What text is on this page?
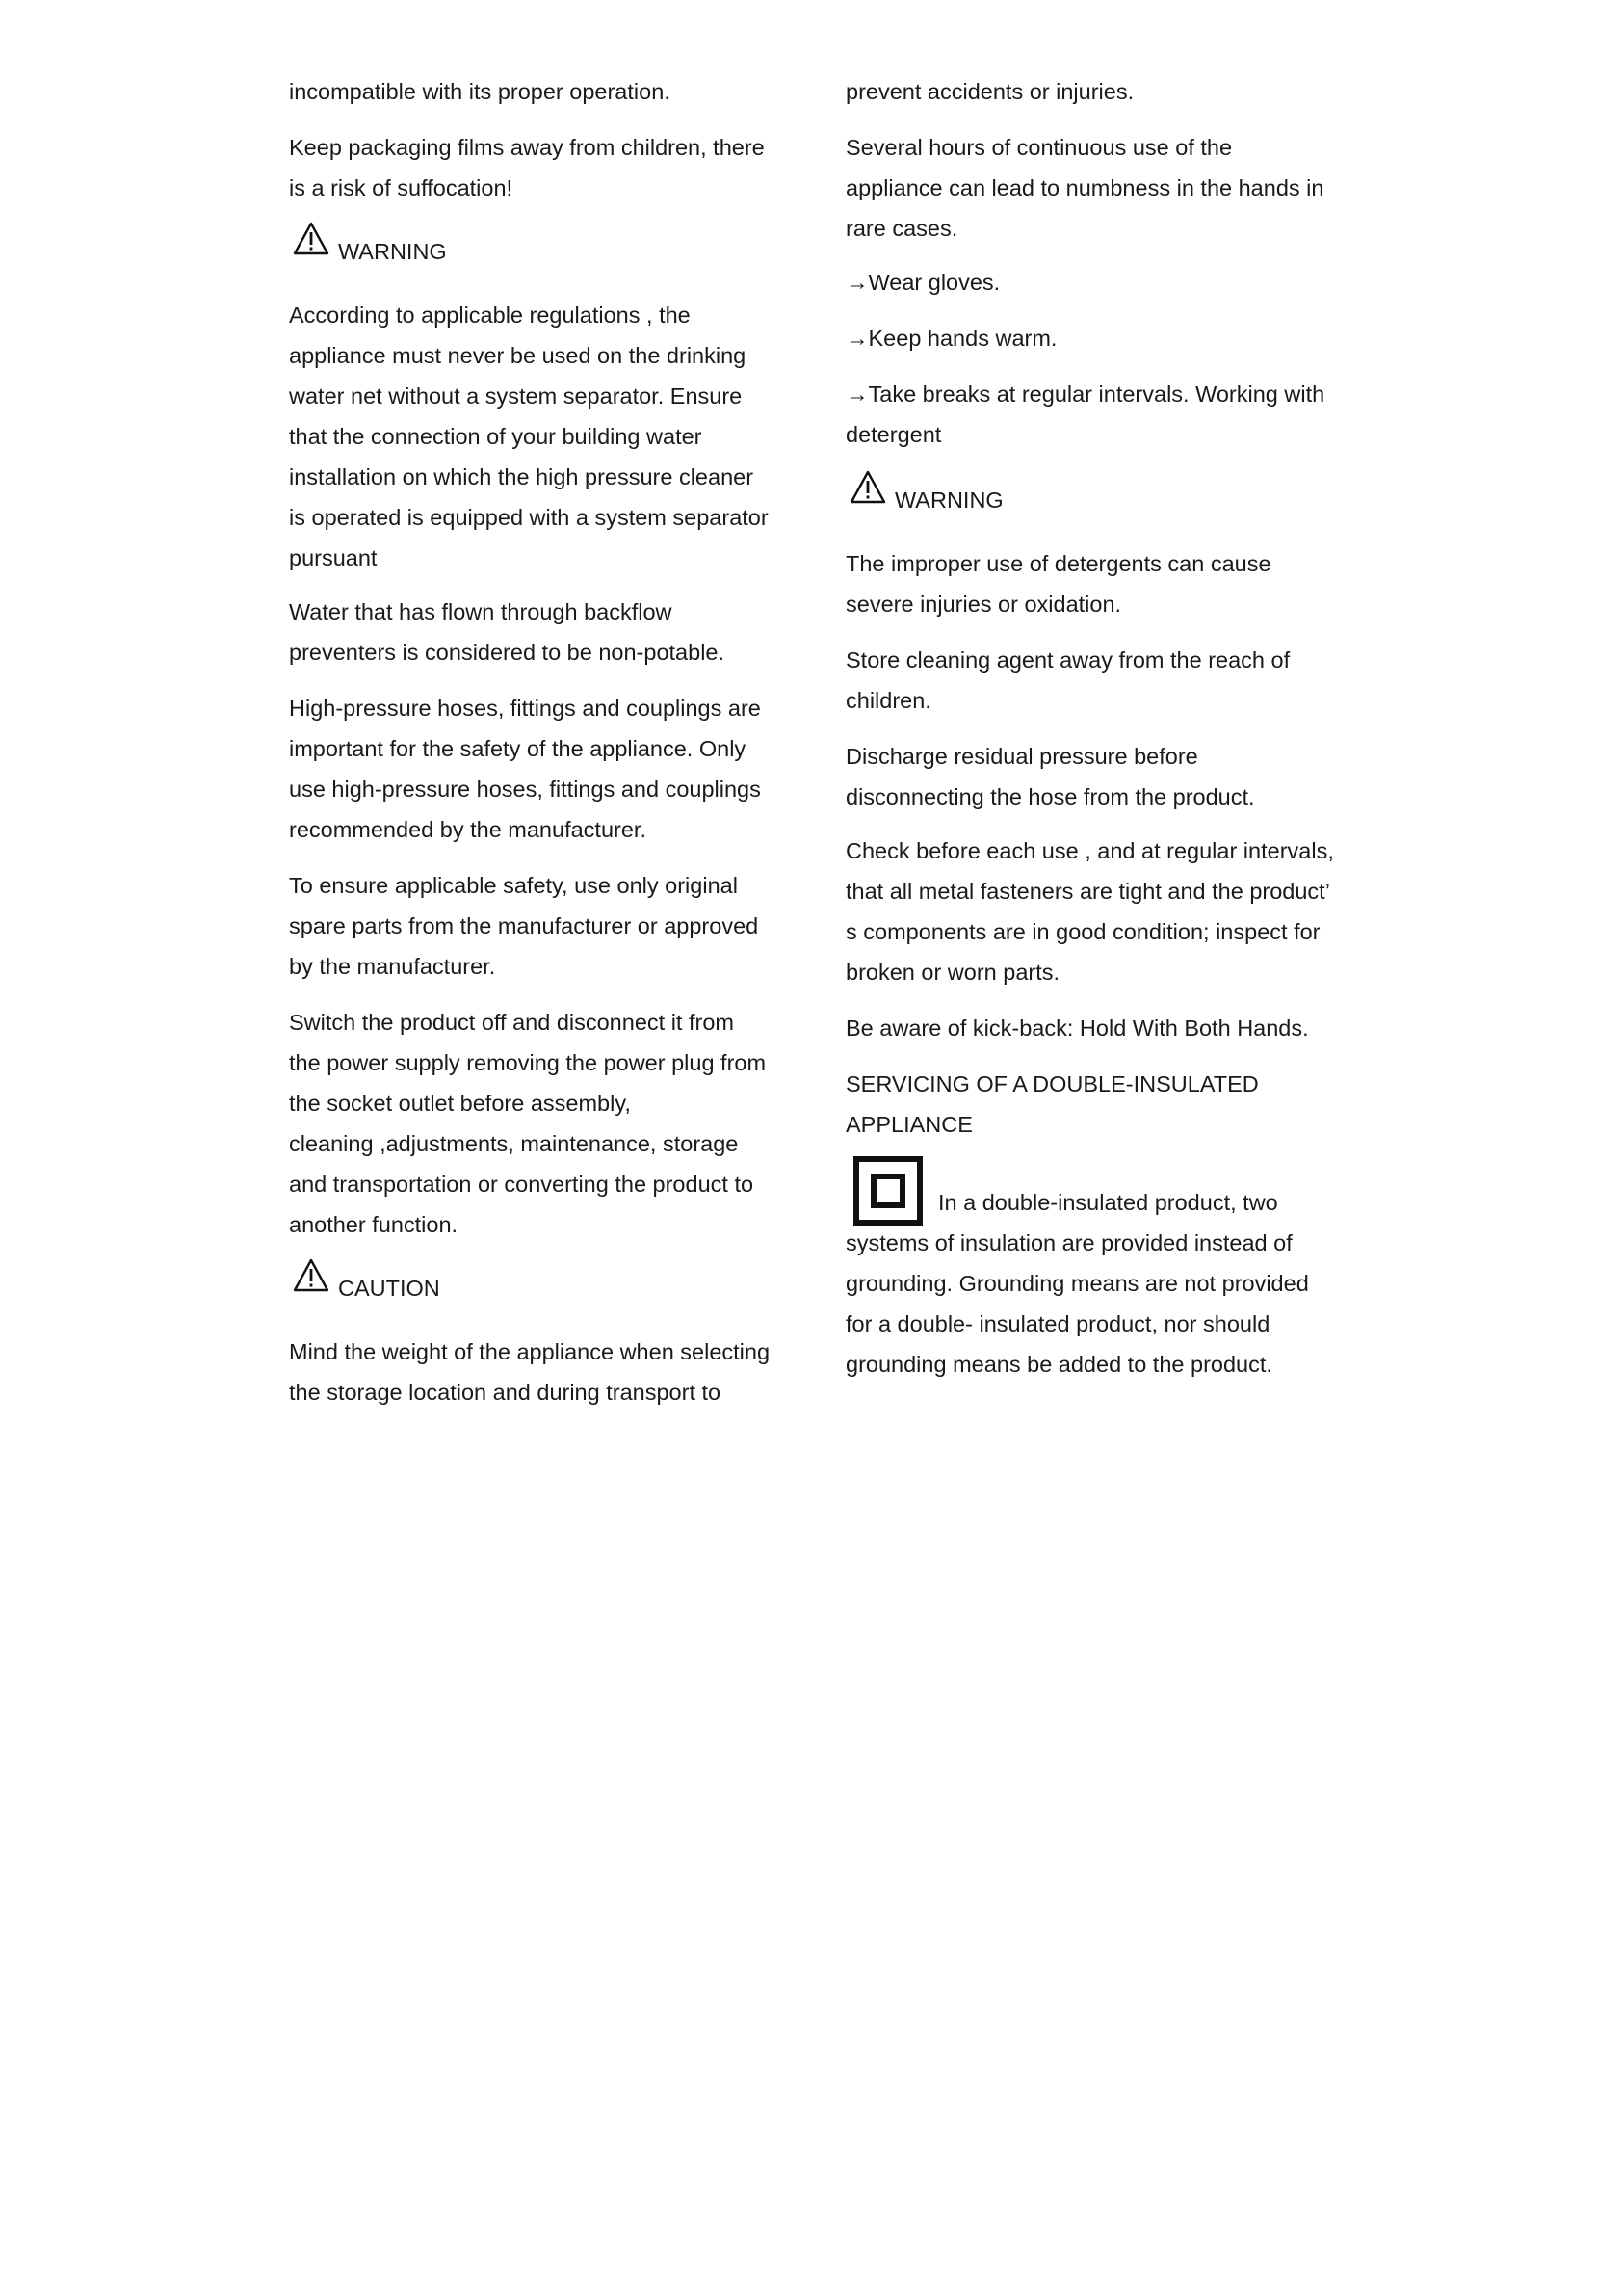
incompatible with its proper operation.
Keep packaging films away from children, there
is a risk of suffocation!
WARNING
According to applicable regulations , the
appliance must never be used on the drinking
water net without a system separator. Ensure
that the connection of your building water
installation on which the high pressure cleaner
is operated is equipped with a system separator
pursuant
Water that has flown through backflow
preventers is considered to be non-potable.
High-pressure hoses, fittings and couplings are
important for the safety of the appliance. Only
use high-pressure hoses, fittings and couplings
recommended by the manufacturer.
To ensure applicable safety, use only original
spare parts from the manufacturer or approved
by the manufacturer.
Switch the product off and disconnect it from
the power supply removing the power plug from
the socket outlet before assembly,
cleaning ,adjustments, maintenance, storage
and transportation or converting the product to
another function.
CAUTION
Mind the weight of the appliance when selecting
the storage location and during transport to
prevent accidents or injuries.
Several hours of continuous use of the
appliance can lead to numbness in the hands in
rare cases.
→Wear gloves.
→Keep hands warm.
→Take breaks at regular intervals. Working with
detergent
WARNING
The improper use of detergents can cause
severe injuries or oxidation.
Store cleaning agent away from the reach of
children.
Discharge residual pressure before
disconnecting the hose from the product.
Check before each use , and at regular intervals,
that all metal fasteners are tight and the product’
s components are in good condition; inspect for
broken or worn parts.
Be aware of kick-back: Hold With Both Hands.
SERVICING OF A DOUBLE-INSULATED
APPLIANCE
In a double-insulated product, two
systems of insulation are provided instead of
grounding. Grounding means are not provided
for a double- insulated product, nor should
grounding means be added to the product.
